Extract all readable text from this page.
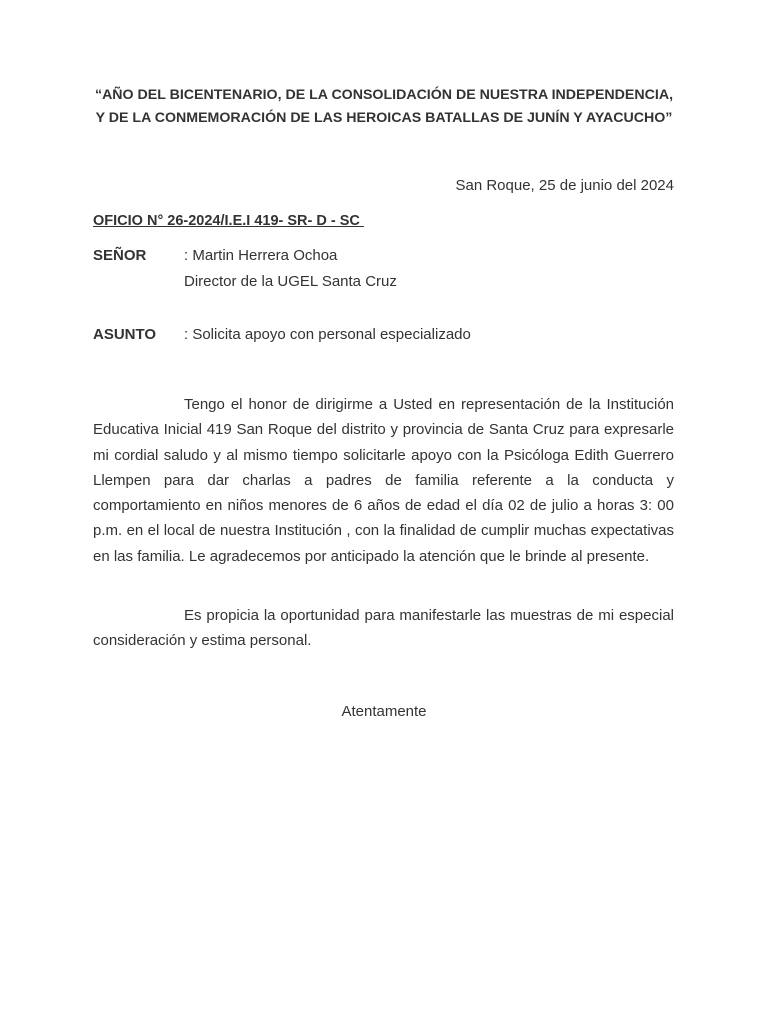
“AÑO DEL BICENTENARIO, DE LA CONSOLIDACIÓN DE NUESTRA INDEPENDENCIA,
Y DE LA CONMEMORACIÓN DE LAS HEROICAS BATALLAS DE JUNÍN Y AYACUCHO”
San Roque, 25 de junio del 2024
OFICIO N° 26-2024/I.E.I 419- SR- D - SC
SEÑOR	: Martin Herrera Ochoa
Director de la UGEL Santa Cruz
ASUNTO : Solicita apoyo con personal especializado

Tengo el honor de dirigirme a Usted en representación de la Institución Educativa Inicial 419 San Roque del distrito y provincia de Santa Cruz para expresarle mi cordial saludo y al mismo tiempo solicitarle apoyo con la Psicóloga Edith Guerrero Llempen para dar charlas a padres de familia referente a la conducta y comportamiento en niños menores de 6 años de edad el día 02 de julio a horas 3: 00 p.m. en el local de nuestra Institución , con la finalidad de cumplir muchas expectativas en las familia. Le agradecemos por anticipado la atención que le brinde al presente.

Es propicia la oportunidad para manifestarle las muestras de mi especial consideración y estima personal.

Atentamente
